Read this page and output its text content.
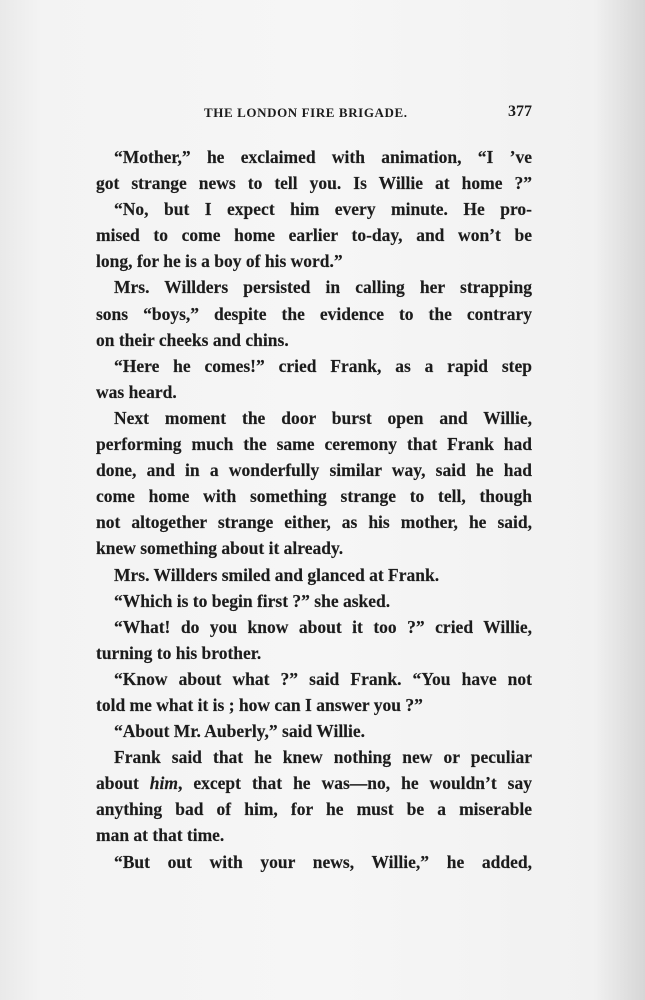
THE LONDON FIRE BRIGADE.	377
“Mother,” he exclaimed with animation, “I ’ve
got strange news to tell you. Is Willie at home ?”
“No, but I expect him every minute. He pro-
mised to come home earlier to-day, and won’t be
long, for he is a boy of his word.”
Mrs. Willders persisted in calling her strapping
sons “boys,” despite the evidence to the contrary
on their cheeks and chins.
“Here he comes!” cried Frank, as a rapid step
was heard.
Next moment the door burst open and Willie,
performing much the same ceremony that Frank had
done, and in a wonderfully similar way, said he had
come home with something strange to tell, though
not altogether strange either, as his mother, he said,
knew something about it already.
Mrs. Willders smiled and glanced at Frank.
“Which is to begin first ?” she asked.
“What! do you know about it too ?” cried Willie,
turning to his brother.
“Know about what ?” said Frank. “You have not
told me what it is ; how can I answer you ?”
“About Mr. Auberly,” said Willie.
Frank said that he knew nothing new or peculiar
about him, except that he was—no, he wouldn’t say
anything bad of him, for he must be a miserable
man at that time.
“But out with your news, Willie,” he added,
